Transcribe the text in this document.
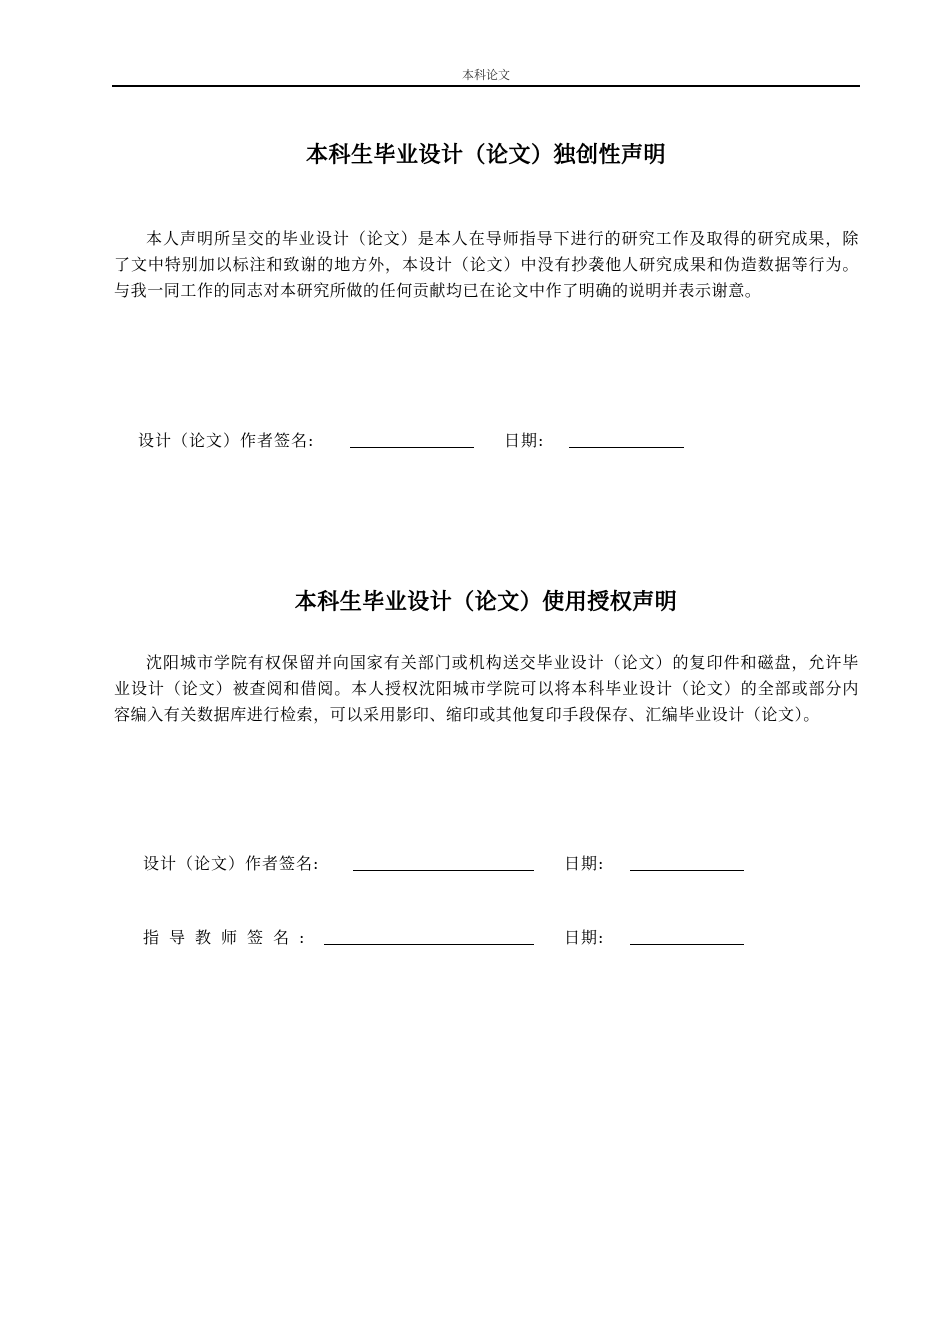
本科论文
本科生毕业设计（论文）独创性声明
本人声明所呈交的毕业设计（论文）是本人在导师指导下进行的研究工作及取得的研究成果，除了文中特别加以标注和致谢的地方外，本设计（论文）中没有抄袭他人研究成果和伪造数据等行为。与我一同工作的同志对本研究所做的任何贡献均已在论文中作了明确的说明并表示谢意。
设计（论文）作者签名:	日期:
本科生毕业设计（论文）使用授权声明
沈阳城市学院有权保留并向国家有关部门或机构送交毕业设计（论文）的复印件和磁盘，允许毕业设计（论文）被查阅和借阅。本人授权沈阳城市学院可以将本科毕业设计（论文）的全部或部分内容编入有关数据库进行检索，可以采用影印、缩印或其他复印手段保存、汇编毕业设计（论文）。
设计（论文）作者签名:	日期:
指导教师签名:	日期:
